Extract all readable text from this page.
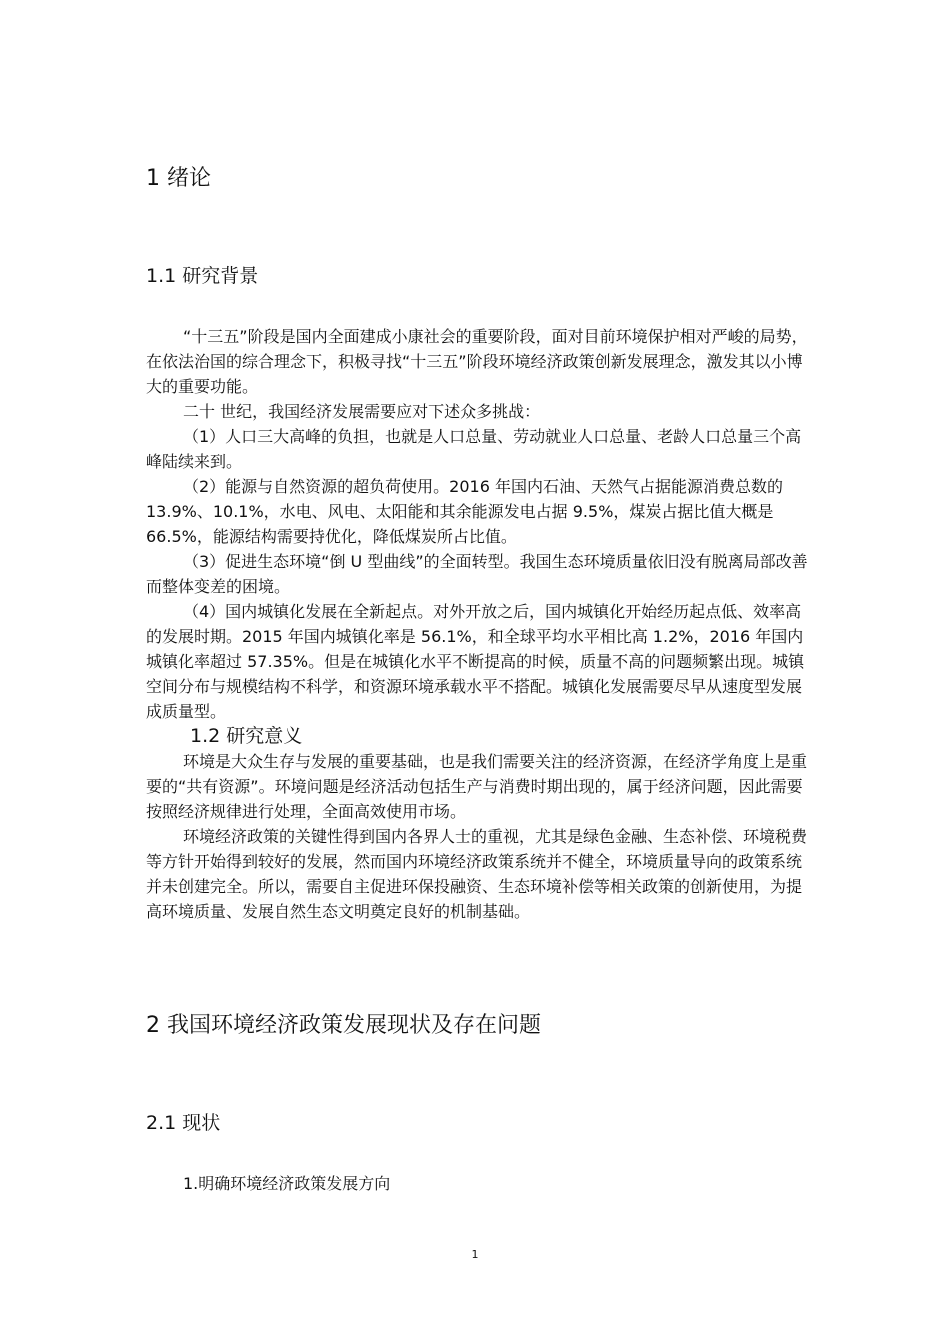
1 绪论
1.1 研究背景

“十三五”阶段是国内全面建成小康社会的重要阶段，面对目前环境保护相对严峻的局势，在依法治国的综合理念下，积极寻找“十三五”阶段环境经济政策创新发展理念，激发其以小博大的重要功能。

二十 世纪，我国经济发展需要应对下述众多挑战：

（1）人口三大高峰的负担，也就是人口总量、劳动就业人口总量、老龄人口总量三个高峰陆续来到。

（2）能源与自然资源的超负荷使用。2016 年国内石油、天然气占据能源消费总数的 13.9%、10.1%，水电、风电、太阳能和其余能源发电占据 9.5%，煤炭占据比值大概是 66.5%，能源结构需要持优化，降低煤炭所占比值。

（3）促进生态环境“倒 U 型曲线”的全面转型。我国生态环境质量依旧没有脱离局部改善而整体变差的困境。

（4）国内城镇化发展在全新起点。对外开放之后，国内城镇化开始经历起点低、效率高的发展时期。2015 年国内城镇化率是 56.1%，和全球平均水平相比高 1.2%，2016 年国内城镇化率超过 57.35%。但是在城镇化水平不断提高的时候，质量不高的问题频繁出现。城镇空间分布与规模结构不科学，和资源环境承载水平不搭配。城镇化发展需要尽早从速度型发展成质量型。

1.2 研究意义

环境是大众生存与发展的重要基础，也是我们需要关注的经济资源，在经济学角度上是重要的“共有资源”。环境问题是经济活动包括生产与消费时期出现的，属于经济问题，因此需要按照经济规律进行处理，全面高效使用市场。

环境经济政策的关键性得到国内各界人士的重视，尤其是绿色金融、生态补偿、环境税费等方针开始得到较好的发展，然而国内环境经济政策系统并不健全，环境质量导向的政策系统并未创建完全。所以，需要自主促进环保投融资、生态环境补偿等相关政策的创新使用，为提高环境质量、发展自然生态文明奠定良好的机制基础。

2 我国环境经济政策发展现状及存在问题
2.1 现状

1.明确环境经济政策发展方向

1
